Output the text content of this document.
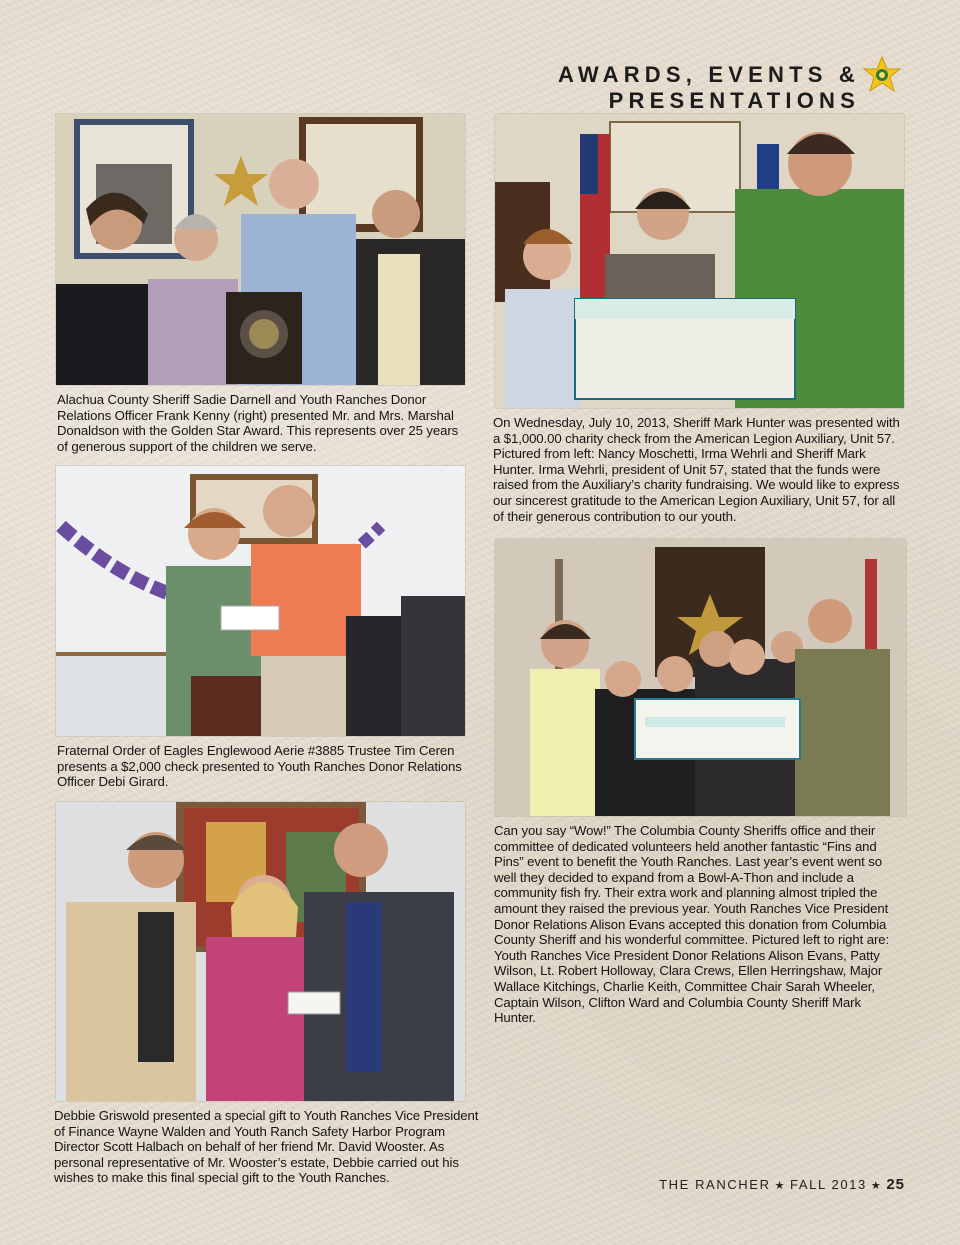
AWARDS, EVENTS & PRESENTATIONS
Alachua County Sheriff Sadie Darnell and Youth Ranches Donor Relations Officer Frank Kenny (right) presented Mr. and Mrs. Marshal Donaldson with the Golden Star Award. This represents over 25 years of generous support of the children we serve.
On Wednesday, July 10, 2013, Sheriff Mark Hunter was presented with a $1,000.00 charity check from the American Legion Auxiliary, Unit 57. Pictured from left: Nancy Moschetti, Irma Wehrli and Sheriff Mark Hunter. Irma Wehrli, president of Unit 57, stated that the funds were raised from the Auxiliary’s charity fundraising. We would like to express our sincerest gratitude to the American Legion Auxiliary, Unit 57, for all of their generous contribution to our youth.
Fraternal Order of Eagles Englewood Aerie #3885 Trustee Tim Ceren presents a $2,000 check presented to Youth Ranches Donor Relations Officer Debi Girard.
Can you say “Wow!” The Columbia County Sheriffs office and their committee of dedicated volunteers held another fantastic “Fins and Pins” event to benefit the Youth Ranches. Last year’s event went so well they decided to expand from a Bowl-A-Thon and include a community fish fry. Their extra work and planning almost tripled the amount they raised the previous year. Youth Ranches Vice President Donor Relations Alison Evans accepted this donation from Columbia County Sheriff and his wonderful committee. Pictured left to right are: Youth Ranches Vice President Donor Relations Alison Evans, Patty Wilson, Lt. Robert Holloway, Clara Crews, Ellen Herringshaw, Major Wallace Kitchings, Charlie Keith, Committee Chair Sarah Wheeler, Captain Wilson, Clifton Ward and Columbia County Sheriff Mark Hunter.
Debbie Griswold presented a special gift to Youth Ranches Vice President of Finance Wayne Walden and Youth Ranch Safety Harbor Program Director Scott Halbach on behalf of her friend Mr. David Wooster. As personal representative of Mr. Wooster’s estate, Debbie carried out his wishes to make this final special gift to the Youth Ranches.	THE RANCHER ★ FALL 2013 ★ 25
